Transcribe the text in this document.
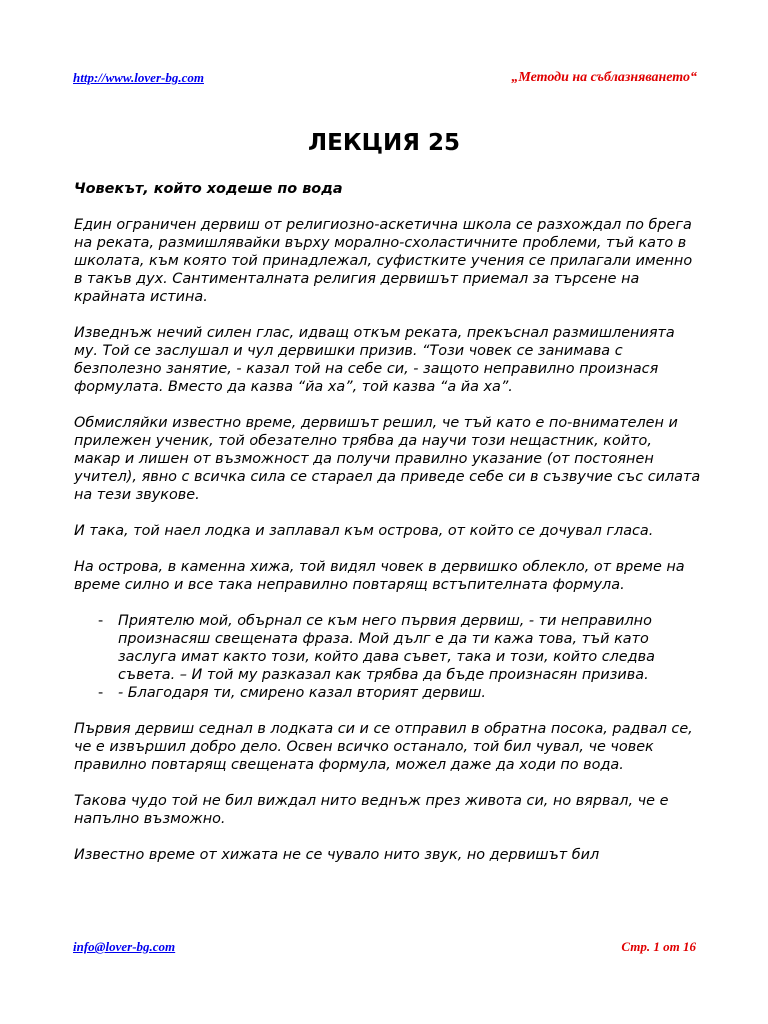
http://www.lover-bg.com	„Методи на съблазняването“
ЛЕКЦИЯ 25
Човекът, който ходеше по вода

Един ограничен дервиш от религиозно-аскетична школа се разхождал по брега на реката, размишлявайки върху морално-схоластичните проблеми, тъй като в школата, към която той принадлежал, суфистките учения се прилагали именно в такъв дух. Сантименталната религия дервишът приемал за търсене на крайната истина.

Изведнъж нечий силен глас, идващ откъм реката, прекъснал размишленията му. Той се заслушал и чул дервишки призив. “Този човек се занимава с безполезно занятие, - казал той на себе си, - защото неправилно произнася формулата. Вместо да казва “йа ха”, той казва “а йа ха”.

Обмисляйки известно време, дервишът решил, че тъй като е по-внимателен и прилежен ученик, той обезателно трябва да научи този нещастник, който, макар и лишен от възможност да получи правилно указание (от постоянен учител), явно с всичка сила се стараел да приведе себе си в съзвучие със силата на тези звукове.

И така, той наел лодка и заплавал към острова, от който се дочувал гласа.

На острова, в каменна хижа, той видял човек в дервишко облекло, от време на време силно и все така неправилно повтарящ встъпителната формула.

- Приятелю мой, обърнал се към него първия дервиш, - ти неправилно произнасяш свещената фраза. Мой дълг е да ти кажа това, тъй като заслуга имат както този, който дава съвет, така и този, който следва съвета. – И той му разказал как трябва да бъде произнасян призива.
- - Благодаря ти, смирено казал вторият дервиш.

Първия дервиш седнал в лодката си и се отправил в обратна посока, радвал се, че е извършил добро дело. Освен всичко останало, той бил чувал, че човек правилно повтарящ свещената формула, можел даже да ходи по вода.

Такова чудо той не бил виждал нито веднъж през живота си, но вярвал, че е напълно възможно.

Известно време от хижата не се чувало нито звук, но дервишът бил

info@lover-bg.com	Стр. 1 от 16
